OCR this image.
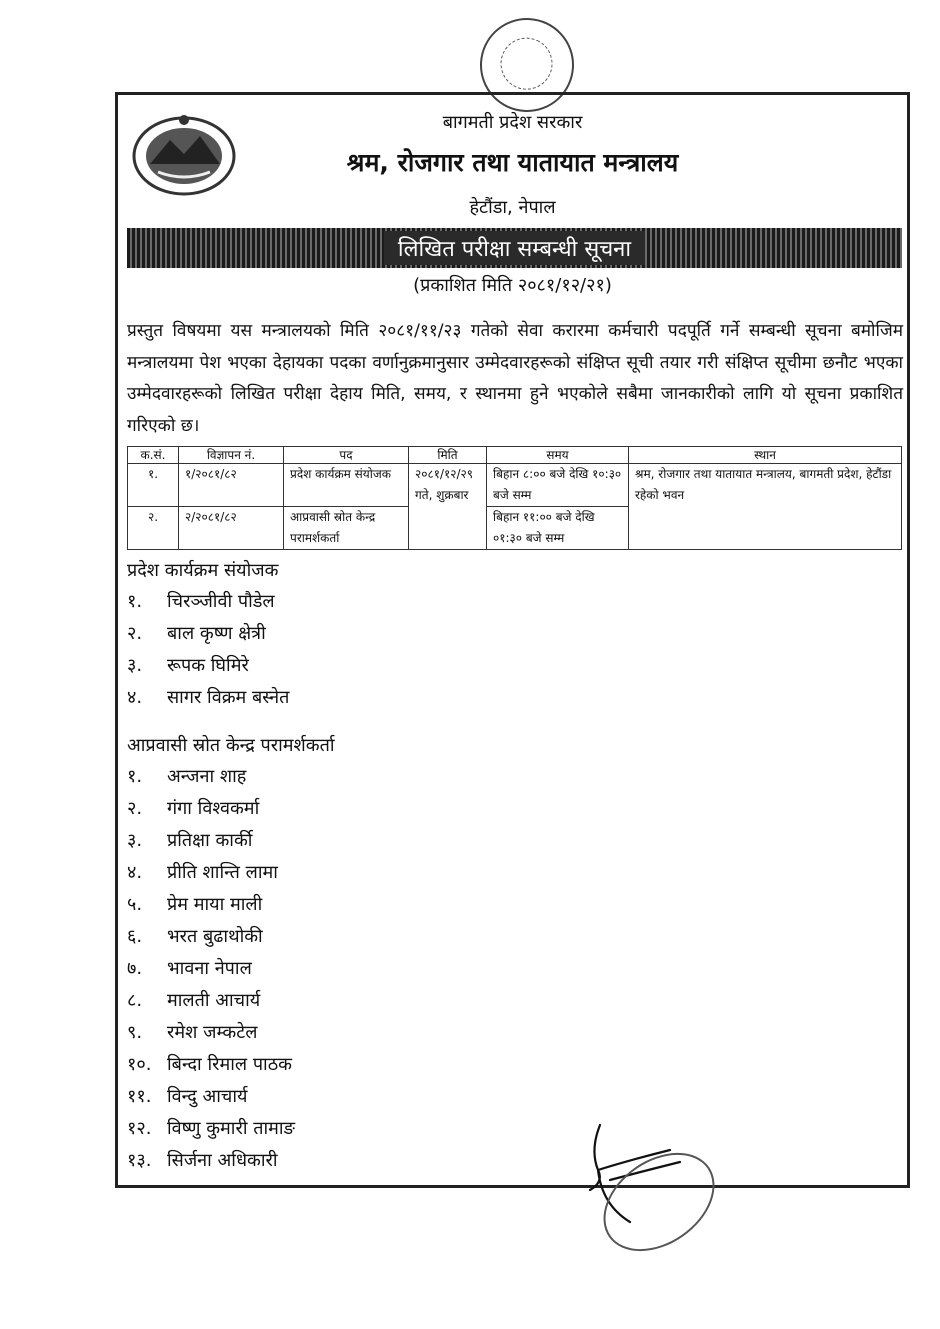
बागमती प्रदेश सरकार
श्रम, रोजगार तथा यातायात मन्त्रालय
हेटौंडा, नेपाल
लिखित परीक्षा सम्बन्धी सूचना
(प्रकाशित मिति २०८१/१२/२१)

प्रस्तुत विषयमा यस मन्त्रालयको मिति २०८१/११/२३ गतेको सेवा करारमा कर्मचारी पदपूर्ति गर्ने सम्बन्धी सूचना बमोजिम मन्त्रालयमा पेश भएका देहायका पदका वर्णानुक्रमानुसार उम्मेदवारहरूको संक्षिप्त सूची तयार गरी संक्षिप्त सूचीमा छनौट भएका उम्मेदवारहरूको लिखित परीक्षा देहाय मिति, समय, र स्थानमा हुने भएकोले सबैमा जानकारीको लागि यो सूचना प्रकाशित गरिएको छ।

क.सं.	विज्ञापन नं.	पद	मिति	समय	स्थान
१.	१/२०८१/८२	प्रदेश कार्यक्रम संयोजक	२०८१/१२/२९ गते, शुक्रबार	बिहान ८:०० बजे देखि १०:३० बजे सम्म	श्रम, रोजगार तथा यातायात मन्त्रालय, बागमती प्रदेश, हेटौंडा रहेको भवन
२.	२/२०८१/८२	आप्रवासी स्रोत केन्द्र परामर्शकर्ता		बिहान ११:०० बजे देखि ०१:३० बजे सम्म	
प्रदेश कार्यक्रम संयोजक
१.	चिरञ्जीवी पौडेल
२.	बाल कृष्ण क्षेत्री
३.	रूपक घिमिरे
४.	सागर विक्रम बस्नेत
आप्रवासी स्रोत केन्द्र परामर्शकर्ता
१.	अन्जना शाह
२.	गंगा विश्वकर्मा
३.	प्रतिक्षा कार्की
४.	प्रीति शान्ति लामा
५.	प्रेम माया माली
६.	भरत बुढाथोकी
७.	भावना नेपाल
८.	मालती आचार्य
९.	रमेश जम्कटेल
१०. बिन्दा रिमाल पाठक
११. विन्दु आचार्य
१२. विष्णु कुमारी तामाङ
१३. सिर्जना अधिकारी
